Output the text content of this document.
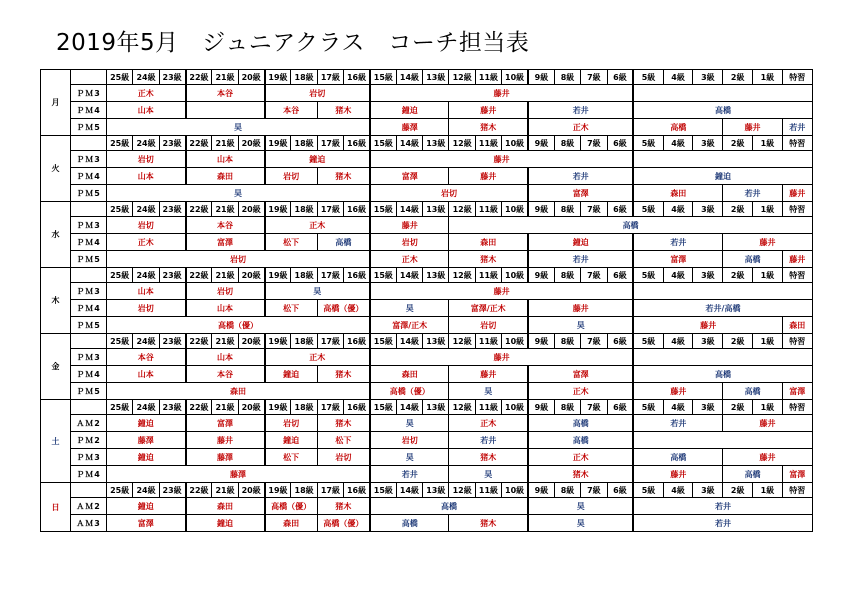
2019年5月　ジュニアクラス　コーチ担当表
月		25級	24級	23級	22級	21級	20級	19級	18級	17級	16級	15級	14級	13級	12級	11級	10級	9級	8級	7級	6級	5級	4級	3級	2級	1級	特習
	ＰＭ3	正木			本谷			岩切				藤井															
	ＰＭ4	山本						本谷		猪木		鐘迫			藤井			若井				高橋					
	ＰＭ5	昊										藤澤			猪木			正木				高橋			藤井		若井
火		25級	24級	23級	22級	21級	20級	19級	18級	17級	16級	15級	14級	13級	12級	11級	10級	9級	8級	7級	6級	5級	4級	3級	2級	1級	特習
	ＰＭ3	岩切			山本			鐘迫				藤井															
	ＰＭ4	山本			森田			岩切		猪木		富澤			藤井			若井				鐘迫					
	ＰＭ5	昊										岩切						富澤				森田			若井		藤井
水		25級	24級	23級	22級	21級	20級	19級	18級	17級	16級	15級	14級	13級	12級	11級	10級	9級	8級	7級	6級	5級	4級	3級	2級	1級	特習
	ＰＭ3	岩切			本谷			正木				藤井			高橋												
	ＰＭ4	正木			富澤			松下		高橋		岩切			森田			鐘迫				若井			藤井		
	ＰＭ5	岩切										正木			猪木			若井				富澤			高橋		藤井
木		25級	24級	23級	22級	21級	20級	19級	18級	17級	16級	15級	14級	13級	12級	11級	10級	9級	8級	7級	6級	5級	4級	3級	2級	1級	特習
	ＰＭ3	山本			岩切			昊				藤井															
	ＰＭ4	岩切			山本			松下		高橋（優）		昊			富澤/正木			藤井				若井/高橋					
	ＰＭ5	高橋（優）										富澤/正木			岩切			昊				藤井					森田
金		25級	24級	23級	22級	21級	20級	19級	18級	17級	16級	15級	14級	13級	12級	11級	10級	9級	8級	7級	6級	5級	4級	3級	2級	1級	特習
	ＰＭ3	本谷			山本			正木				藤井															
	ＰＭ4	山本			本谷			鐘迫		猪木		森田			藤井			富澤				高橋					
	ＰＭ5	森田										高橋（優）			昊			正木				藤井			高橋		富澤
土		25級	24級	23級	22級	21級	20級	19級	18級	17級	16級	15級	14級	13級	12級	11級	10級	9級	8級	7級	6級	5級	4級	3級	2級	1級	特習
	ＡＭ2	鐘迫			富澤			岩切		猪木		昊			正木			高橋				若井			藤井		
	ＰＭ2	藤澤			藤井			鐘迫		松下		岩切			若井			高橋									
	ＰＭ3	鐘迫			藤澤			松下		岩切		昊			猪木			正木				高橋			藤井		
	ＰＭ4	藤澤										若井			昊			猪木				藤井			高橋		富澤
日		25級	24級	23級	22級	21級	20級	19級	18級	17級	16級	15級	14級	13級	12級	11級	10級	9級	8級	7級	6級	5級	4級	3級	2級	1級	特習
	ＡＭ2	鐘迫			森田			高橋（優）		猪木		高橋						昊				若井					
	ＡＭ3	富澤			鐘迫			森田		高橋（優）		高橋			猪木			昊				若井					
